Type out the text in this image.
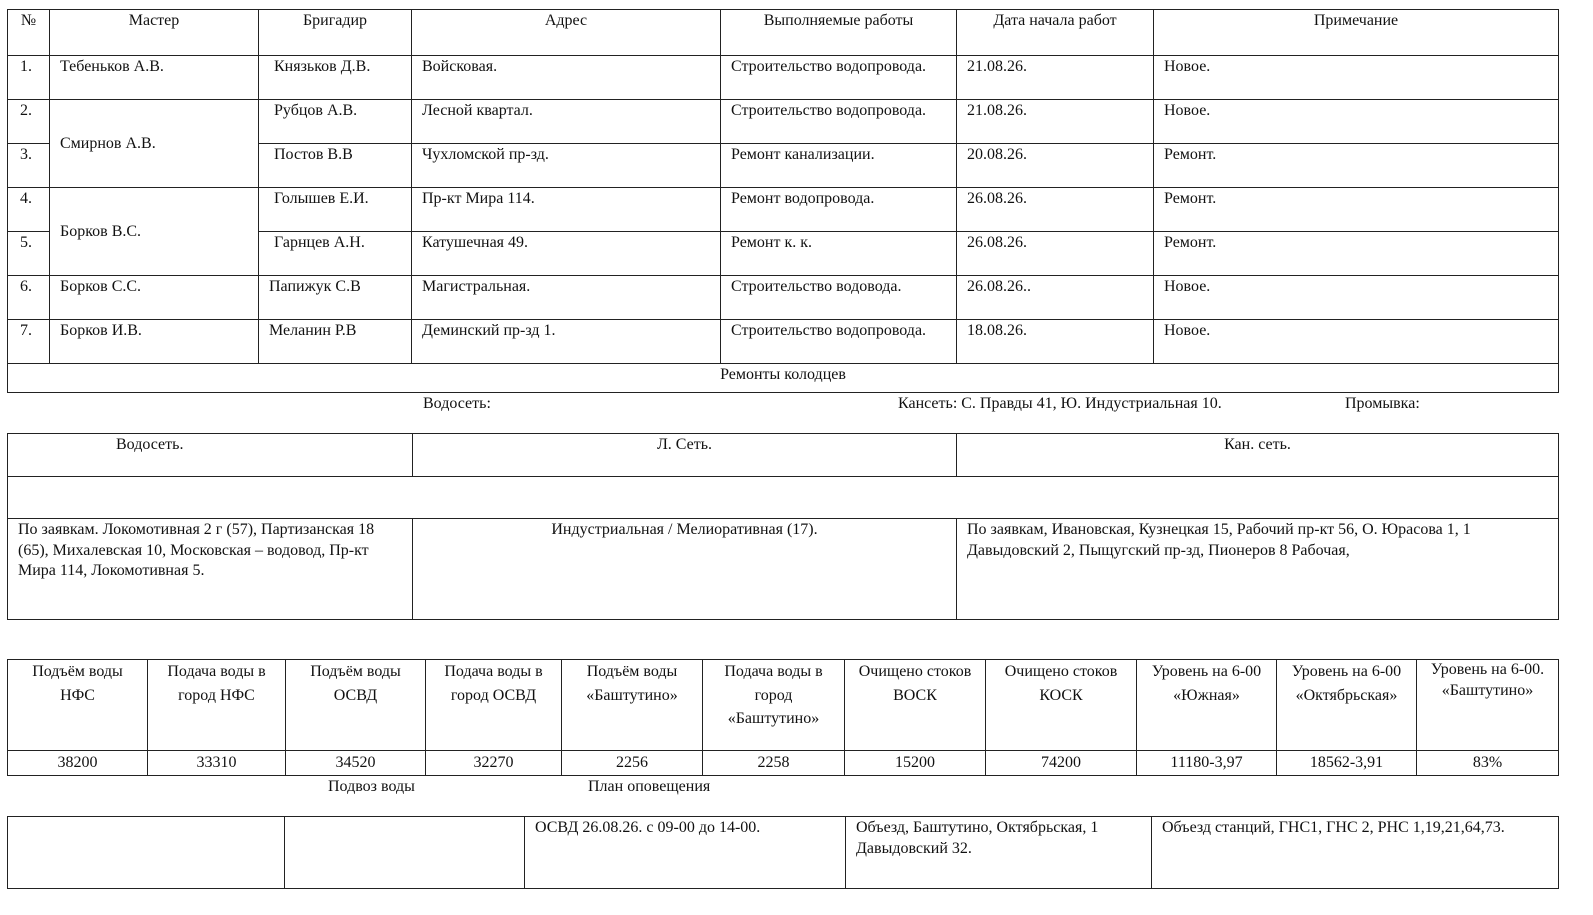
№	Мастер	Бригадир	Адрес	Выполняемые работы	Дата начала работ	Примечание
1.	Тебеньков А.В.	Князьков Д.В.	Войсковая.	Строительство водопровода.	21.08.26.	Новое.
2.	Смирнов А.В.	Рубцов А.В.	Лесной квартал.	Строительство водопровода.	21.08.26.	Новое.
3.		Постов В.В	Чухломской пр-зд.	Ремонт канализации.	20.08.26.	Ремонт.
4.	Борков В.С.	Голышев Е.И.	Пр-кт Мира 114.	Ремонт водопровода.	26.08.26.	Ремонт.
5.		Гарнцев А.Н.	Катушечная 49.	Ремонт к. к.	26.08.26.	Ремонт.
6.	Борков С.С.	Папижук С.В	Магистральная.	Строительство водовода.	26.08.26..	Новое.
7.	Борков И.В.	Меланин Р.В	Деминский пр-зд 1.	Строительство водопровода.	18.08.26.	Новое.
Ремонты колодцев						
Водосеть:	Кансеть: С. Правды 41, Ю. Индустриальная 10.	Промывка:
Водосеть.	Л. Сеть.	Кан. сеть.

По заявкам. Локомотивная 2 г (57), Партизанская 18 (65), Михалевская 10, Московская – водовод, Пр-кт Мира 114, Локомотивная 5.	Индустриальная / Мелиоративная (17).	По заявкам, Ивановская, Кузнецкая 15, Рабочий пр-кт 56, О. Юрасова 1, 1 Давыдовский 2, Пыщугский пр-зд, Пионеров 8 Рабочая,
Подъём воды НФС	Подача воды в город НФС	Подъём воды ОСВД	Подача воды в город ОСВД	Подъём воды «Баштутино»	Подача воды в город «Баштутино»	Очищено стоков ВОСК	Очищено стоков КОСК	Уровень на 6-00 «Южная»	Уровень на 6-00 «Октябрьская»	Уровень на 6-00. «Баштутино»
38200	33310	34520	32270	2256	2258	15200	74200	11180-3,97	18562-3,91	83%
Подвоз воды	План оповещения
		ОСВД 26.08.26. с 09-00 до 14-00.	Объезд, Баштутино, Октябрьская, 1 Давыдовский 32.	Объезд станций, ГНС1, ГНС 2, РНС 1,19,21,64,73.
